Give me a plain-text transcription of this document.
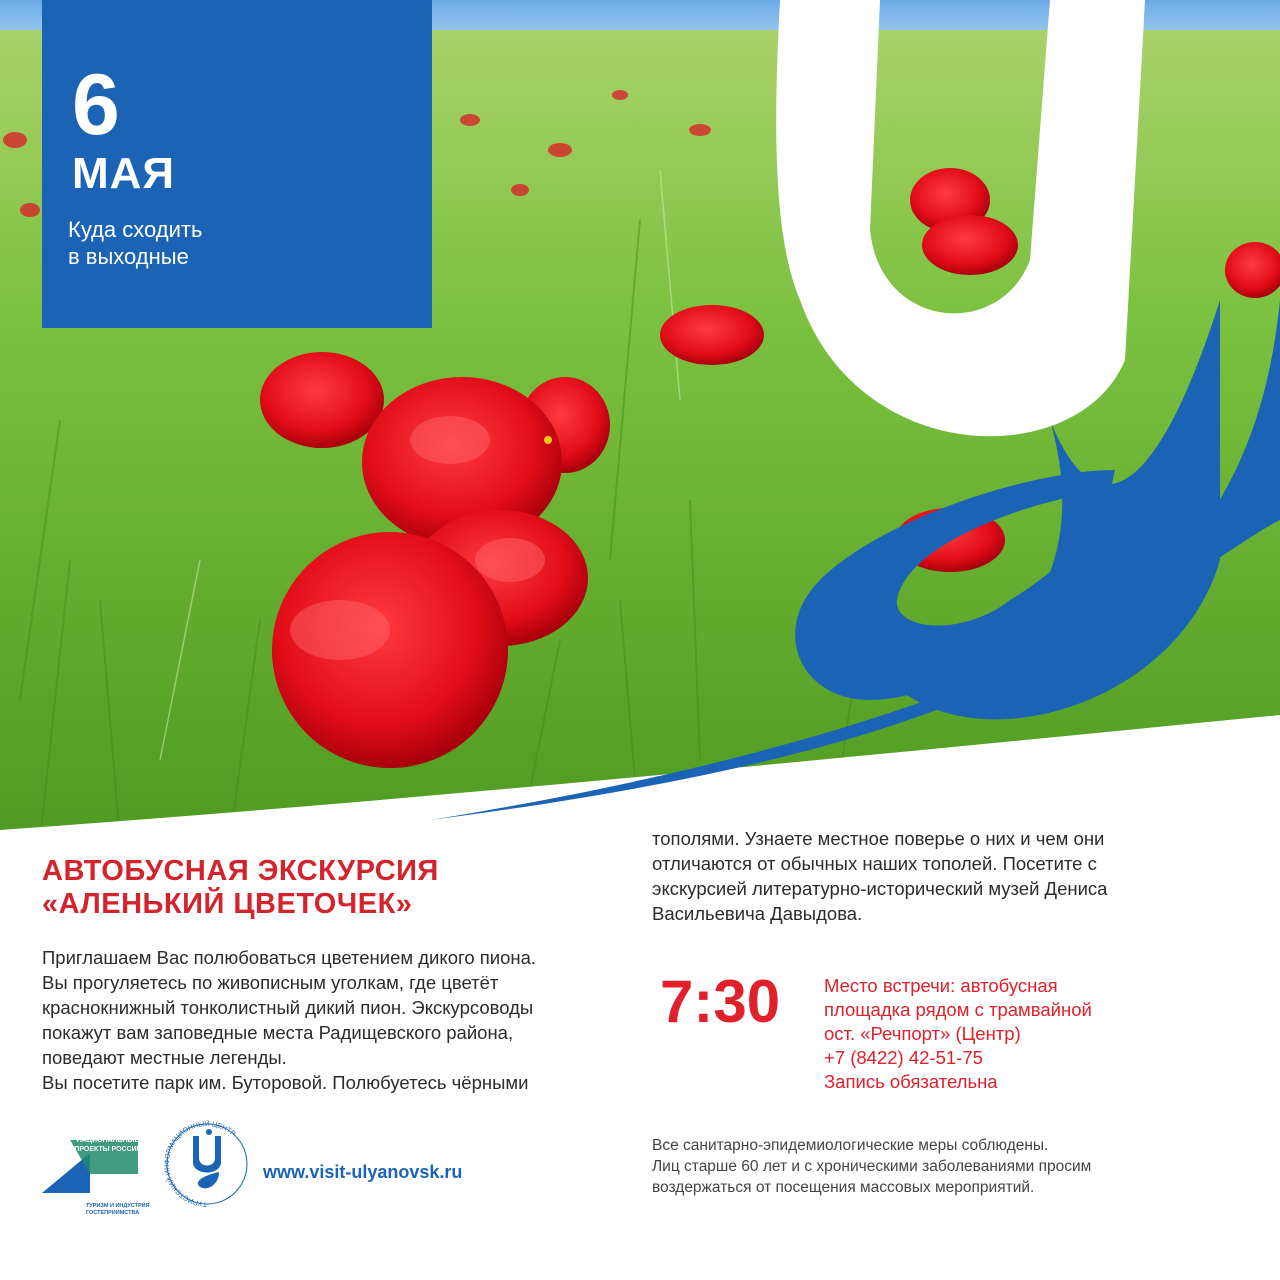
6
МАЯ
Куда сходить
в выходные
АВТОБУСНАЯ ЭКСКУРСИЯ
«АЛЕНЬКИЙ ЦВЕТОЧЕК»
Приглашаем Вас полюбоваться цветением дикого пиона.
Вы прогуляетесь по живописным уголкам, где цветёт
краснокнижный тонколистный дикий пион. Экскурсоводы
покажут вам заповедные места Радищевского района,
поведают местные легенды.
Вы посетите парк им. Буторовой. Полюбуетесь чёрными
тополями. Узнаете местное поверье о них и чем они
отличаются от обычных наших тополей. Посетите с
экскурсией литературно-исторический музей Дениса
Васильевича Давыдова.
7:30 Место встречи: автобусная
площадка рядом с трамвайной
ост. «Речпорт» (Центр)
+7 (8422) 42-51-75
Запись обязательна
Все санитарно-эпидемиологические меры соблюдены.
Лиц старше 60 лет и с хроническими заболеваниями просим
воздержаться от посещения массовых мероприятий.
ТУРИЗМ И ИНДУСТРИЯ ГОСТЕПРИИМСТВА
НАЦИОНАЛЬНЫЕ ПРОЕКТЫ РОССИИ
ТУРИСТСКИЙ ИНФОРМАЦИОННЫЙ ЦЕНТР
www.visit-ulyanovsk.ru
